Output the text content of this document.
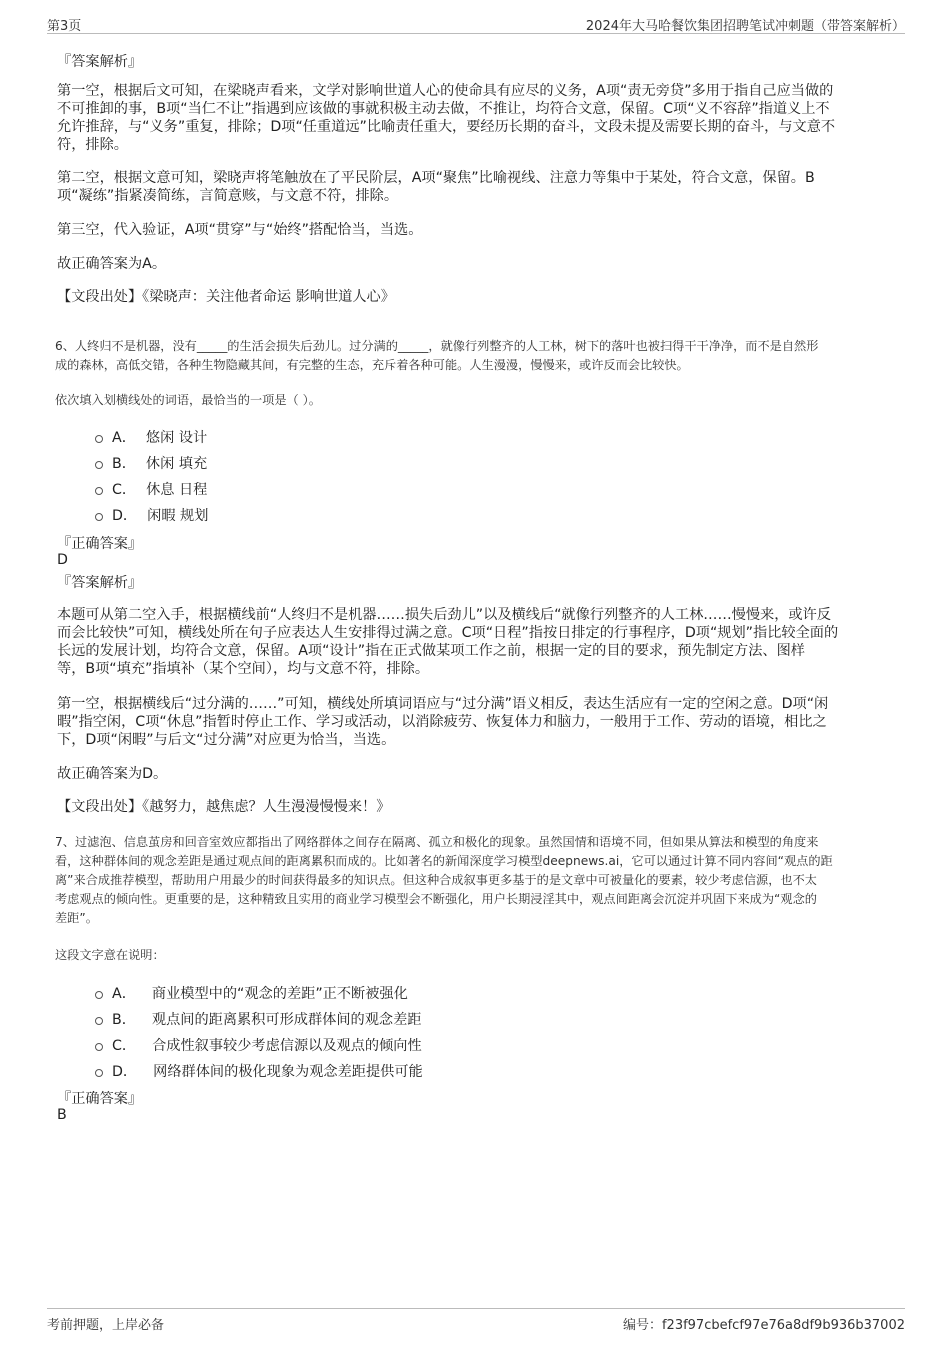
第3页	2024年大马哈餐饮集团招聘笔试冲刺题（带答案解析）
『答案解析』
第一空，根据后文可知，在梁晓声看来，文学对影响世道人心的使命具有应尽的义务，A项“责无旁贷”多用于指自己应当做的
不可推卸的事，B项“当仁不让”指遇到应该做的事就积极主动去做，不推让，均符合文意，保留。C项“义不容辞”指道义上不
允许推辞，与“义务”重复，排除；D项“任重道远”比喻责任重大，要经历长期的奋斗，文段未提及需要长期的奋斗，与文意不
符，排除。
第二空，根据文意可知，梁晓声将笔触放在了平民阶层，A项“聚焦”比喻视线、注意力等集中于某处，符合文意，保留。B
项“凝练”指紧凑简练，言简意赅，与文意不符，排除。
第三空，代入验证，A项“贯穿”与“始终”搭配恰当，当选。
故正确答案为A。
【文段出处】《梁晓声：关注他者命运 影响世道人心》
6、人终归不是机器，没有_____的生活会损失后劲儿。过分满的_____，就像行列整齐的人工林，树下的落叶也被扫得干干净净，而不是自然形
成的森林，高低交错，各种生物隐藏其间，有完整的生态，充斥着各种可能。人生漫漫，慢慢来，或许反而会比较快。
依次填入划横线处的词语，最恰当的一项是（ ）。
A． 悠闲 设计
B． 休闲 填充
C． 休息 日程
D． 闲暇 规划
『正确答案』
D
『答案解析』
本题可从第二空入手，根据横线前“人终归不是机器……损失后劲儿”以及横线后“就像行列整齐的人工林……慢慢来，或许反
而会比较快”可知，横线处所在句子应表达人生安排得过满之意。C项“日程”指按日排定的行事程序，D项“规划”指比较全面的
长远的发展计划，均符合文意，保留。A项“设计”指在正式做某项工作之前，根据一定的目的要求，预先制定方法、图样
等，B项“填充”指填补（某个空间），均与文意不符，排除。
第一空，根据横线后“过分满的……”可知，横线处所填词语应与“过分满”语义相反，表达生活应有一定的空闲之意。D项“闲
暇”指空闲，C项“休息”指暂时停止工作、学习或活动，以消除疲劳、恢复体力和脑力，一般用于工作、劳动的语境，相比之
下，D项“闲暇”与后文“过分满”对应更为恰当，当选。
故正确答案为D。
【文段出处】《越努力，越焦虑？人生漫漫慢慢来！》
7、过滤泡、信息茧房和回音室效应都指出了网络群体之间存在隔离、孤立和极化的现象。虽然国情和语境不同，但如果从算法和模型的角度来
看，这种群体间的观念差距是通过观点间的距离累积而成的。比如著名的新闻深度学习模型deepnews.ai，它可以通过计算不同内容间“观点的距
离”来合成推荐模型，帮助用户用最少的时间获得最多的知识点。但这种合成叙事更多基于的是文章中可被量化的要素，较少考虑信源，也不太
考虑观点的倾向性。更重要的是，这种精致且实用的商业学习模型会不断强化，用户长期浸淫其中，观点间距离会沉淀并巩固下来成为“观念的
差距”。
这段文字意在说明：
A． 商业模型中的“观念的差距”正不断被强化
B． 观点间的距离累积可形成群体间的观念差距
C． 合成性叙事较少考虑信源以及观点的倾向性
D． 网络群体间的极化现象为观念差距提供可能
『正确答案』
B
考前押题，上岸必备	编号：f23f97cbefcf97e76a8df9b936b37002
